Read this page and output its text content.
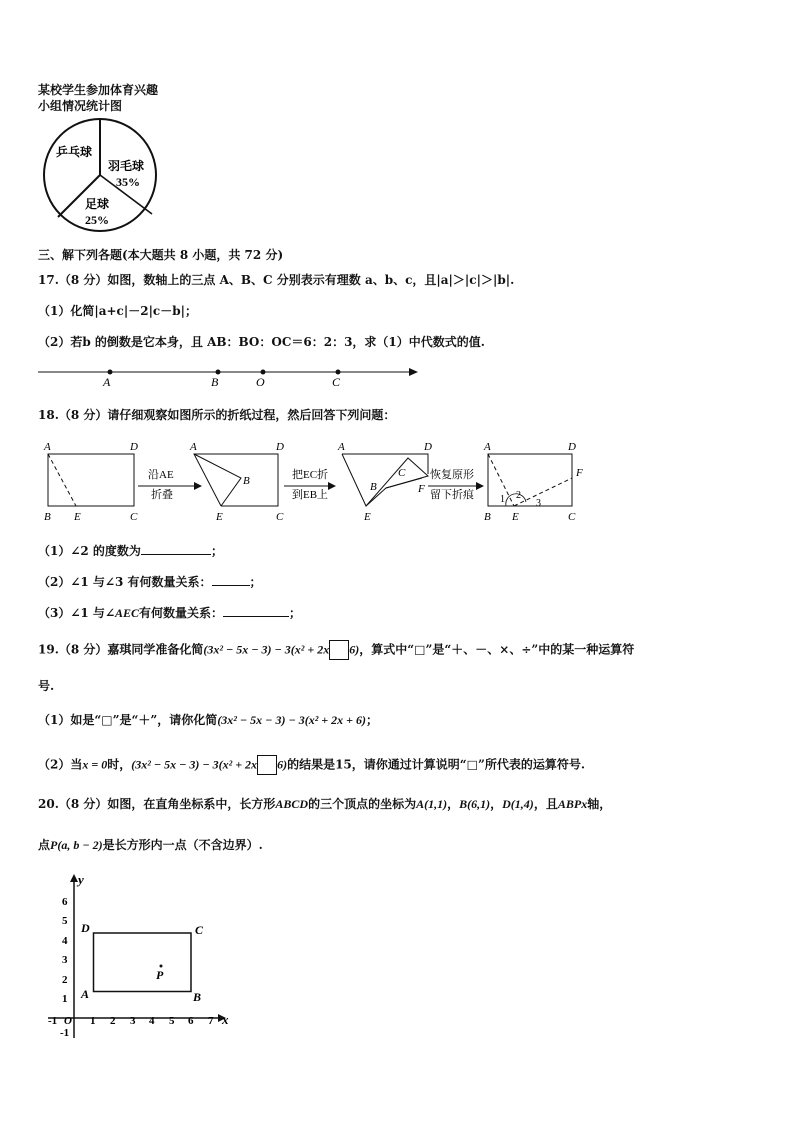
某校学生参加体育兴趣
小组情况统计图
乒乓球
羽毛球
35%
足球
25%
三、解下列各题(本大题共 8 小题，共 72 分)
17.（8 分）如图，数轴上的三点 A、B、C 分别表示有理数 a、b、c，且|a|＞|c|＞|b|.
（1）化简|a+c|－2|c－b|；
（2）若b 的倒数是它本身，且 AB：BO：OC＝6：2：3，求（1）中代数式的值.
A	B	O	C
18.（8 分）请仔细观察如图所示的折纸过程，然后回答下列问题：
A	D
B E	C
沿AE
折叠
A	D
B
E	C
把EC折
到EB上
A	D
B
C
F
E
恢复原形
留下折痕
A	D
F
1 2
3
B E	C
（1）∠2 的度数为	；
（2）∠1 与∠3 有何数量关系：	；
（3）∠1 与∠AEC有何数量关系：	；
19.（8 分）嘉琪同学准备化简(3x² − 5x − 3) − 3(x² + 2x 6)，算式中“□”是“＋、－、×、÷”中的某一种运算符
号.
（1）如是“□”是“＋”，请你化简(3x² − 5x − 3) − 3(x² + 2x + 6)；
（2）当x = 0时，(3x² − 5x − 3) − 3(x² + 2x 6)的结果是15，请你通过计算说明“□”所代表的运算符号.
20.（8 分）如图，在直角坐标系中，长方形ABCD的三个顶点的坐标为A(1,1)，B(6,1)，D(1,4)，且ABPx轴，
点P(a, b − 2)是长方形内一点（不含边界）.
y
x
1 2 3 4 5 6 7
1
2
3
4
5
6
-1 O
-1
D	C
A	B
P
